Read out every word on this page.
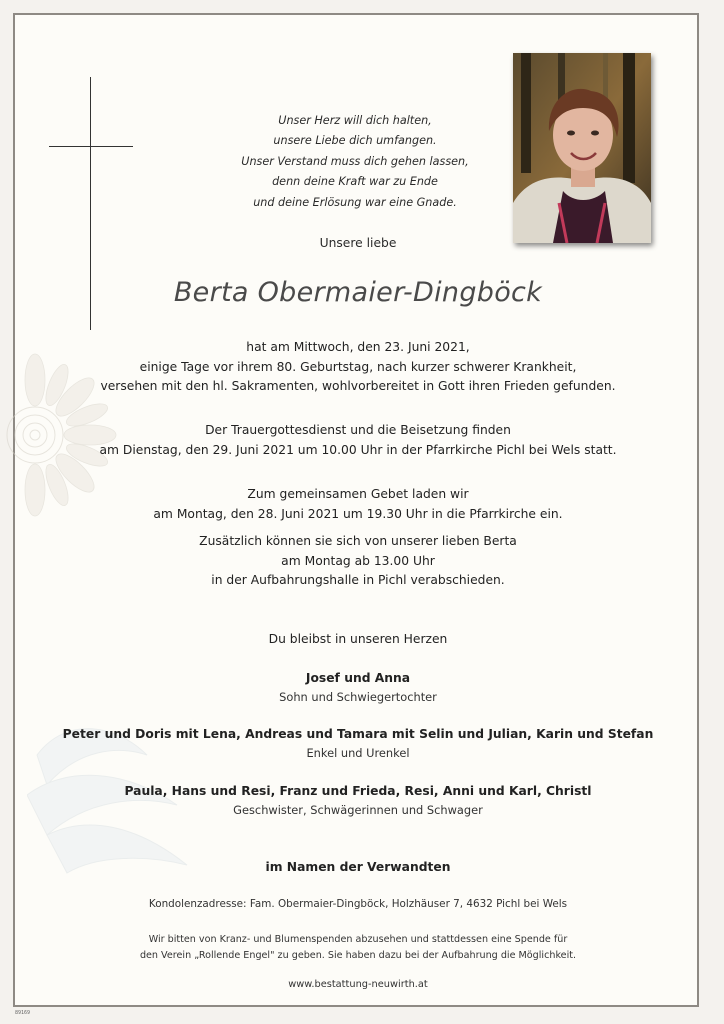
Unser Herz will dich halten,
unsere Liebe dich umfangen.
Unser Verstand muss dich gehen lassen,
denn deine Kraft war zu Ende
und deine Erlösung war eine Gnade.
Unsere liebe
Berta Obermaier-Dingböck
hat am Mittwoch, den 23. Juni 2021,
einige Tage vor ihrem 80. Geburtstag, nach kurzer schwerer Krankheit,
versehen mit den hl. Sakramenten, wohlvorbereitet in Gott ihren Frieden gefunden.
Der Trauergottesdienst und die Beisetzung finden
am Dienstag, den 29. Juni 2021 um 10.00 Uhr in der Pfarrkirche Pichl bei Wels statt.
Zum gemeinsamen Gebet laden wir
am Montag, den 28. Juni 2021 um 19.30 Uhr in die Pfarrkirche ein.
Zusätzlich können sie sich von unserer lieben Berta
am Montag ab 13.00 Uhr
in der Aufbahrungshalle in Pichl verabschieden.
Du bleibst in unseren Herzen
Josef und Anna
Sohn und Schwiegertochter
Peter und Doris mit Lena, Andreas und Tamara mit Selin und Julian, Karin und Stefan
Enkel und Urenkel
Paula, Hans und Resi, Franz und Frieda, Resi, Anni und Karl, Christl
Geschwister, Schwägerinnen und Schwager
im Namen der Verwandten
Kondolenzadresse: Fam. Obermaier-Dingböck, Holzhäuser 7, 4632 Pichl bei Wels
Wir bitten von Kranz- und Blumenspenden abzusehen und stattdessen eine Spende für
den Verein „Rollende Engel" zu geben. Sie haben dazu bei der Aufbahrung die Möglichkeit.
www.bestattung-neuwirth.at
89169
